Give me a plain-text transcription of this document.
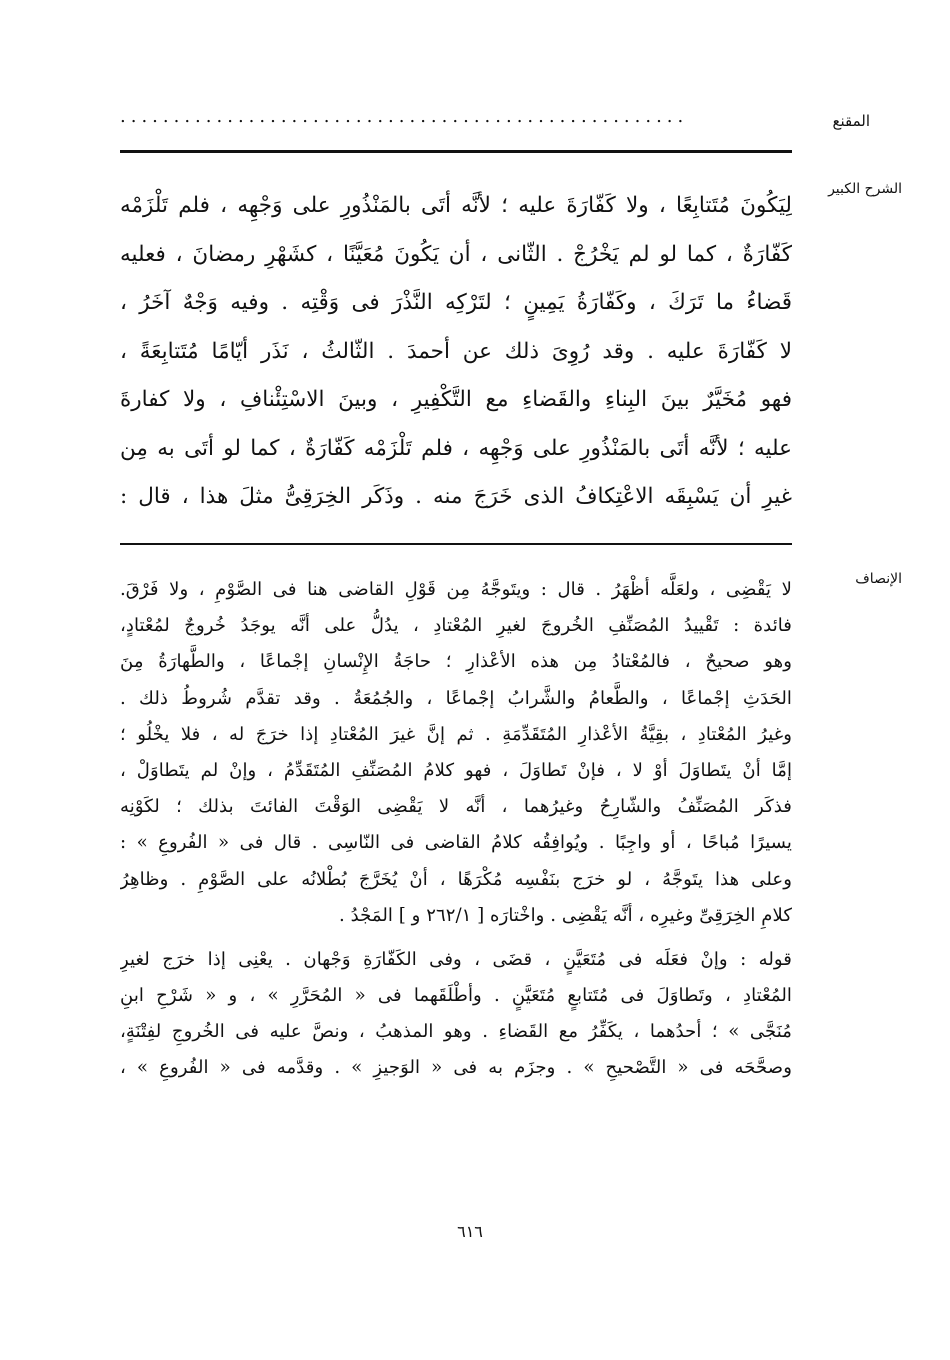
المقنع
.....................................................
الشرح الكبير
لِيَكُونَ مُتَتابِعًا ، ولا كَفّارَةَ عليه ؛ لأنَّه أتَى بالمَنْذُورِ على وَجْهِه ، فلم تَلْزَمْه
كَفّارَةٌ ، كما لو لم يَخْرُجْ . الثّانى ، أن يَكُونَ مُعَيَّنًا ، كشَهْرِ رمضانَ ، فعليه
قَضاءُ ما تَرَكَ ، وكَفّارَةُ يَمِينٍ ؛ لتَرْكِه النَّذْرَ فى وَقْتِه . وفيه وَجْهٌ آخَرُ ،
لا كَفّارَةَ عليه . وقد رُوِىَ ذلك عن أحمدَ . الثّالثُ ، نَذَر أيّامًا مُتَتابِعَةً ،
فهو مُخَيَّرٌ بينَ البِناءِ والقَضاءِ مع التَّكْفِيرِ ، وبينَ الاسْتِئْنافِ ، ولا كفارةَ
عليه ؛ لأنَّه أتَى بالمَنْذُورِ على وَجْهِه ، فلم تَلْزَمْه كَفّارَةٌ ، كما لو أتَى به مِن
غيرِ أن يَسْبِقَه الاعْتِكافُ الذى خَرَجَ منه . وذَكَر الخِرَقِىُّ مثلَ هذا ، قال :
الإنصاف
لا يَقْضِى ، ولعَلَّه أظْهَرُ . قال : ويتَوجَّهُ مِن قَوْلِ القاضى هنا فى الصَّوْمِ ، ولا فَرْقَ.
فائدة : تَقْييدُ المُصَنِّفِ الخُروجَ لغيرِ المُعْتادِ ، يدُلُّ على أنَّه يوجَدُ خُروجٌ لمُعْتادٍ،
وهو صحيحٌ ، فالمُعْتادُ مِن هذه الأعْذارِ ؛ حاجَةُ الإِنْسانِ إجْماعًا ، والطَّهارَةُ مِنَ
الحَدَثِ إجْماعًا ، والطَّعامُ والشَّرابُ إجْماعًا ، والجُمُعَةُ . وقد تقدَّم شُروطُ ذلك .
وغيرُ المُعْتادِ ، بقِيَّةُ الأعْذارِ المُتَقَدِّمَةِ . ثم إنَّ غيرَ المُعْتادِ إذا خرَجَ له ، فلا يخْلُو ؛
إمَّا أنْ يتَطاوَلَ أوْ لا ، فإنْ تَطاوَلَ ، فهو كلامُ المُصَنِّفِ المُتَقَدِّمُ ، وإنْ لم يتَطاوَلْ ،
فذكَر المُصَنِّفُ والشّارِحُ وغيرُهما ، أنَّه لا يَقْضِى الوَقْتَ الفائتَ بذلك ؛ لكَوْنِه
يسيرًا مُباحًا ، أو واجِبًا . ويُوافِقُه كلامُ القاضى فى النّاسِى . قال فى « الفُروعِ » :
وعلى هذا يتَوجَّهُ ، لو خرَج بنَفْسِه مُكْرَهًا ، أنْ يُخَرَّجَ بُطْلانُه على الصَّوْمِ . وظاهِرُ
كلامِ الخِرَقِىِّ وغيرِه ، أنَّه يَقْضِى . واخْتارَه [ ٢٦٢/١ و ] المَجْدُ .
قوله : وإنْ فعَلَه فى مُتَعَيَّنٍ ، قضَى ، وفى الكَفّارَةِ وَجْهان . يعْنِى إذا خرَج لغيرِ
المُعْتادِ ، وتَطاوَلَ فى مُتَتابعٍ مُتَعَيَّنٍ . وأطْلَقَهما فى « المُحَرَّرِ » ، و « شَرْحِ ابنِ
مُنَجَّى » ؛ أحدُهما ، يكَفِّرُ مع القَضاءِ . وهو المذهبُ ، ونصَّ عليه فى الخُروجِ لفِتْنَةٍ،
وصحَّحَه فى « التَّصْحيحِ » . وجزَم به فى « الوَجيزِ » . وقدَّمه فى « الفُروعِ » ،
٦١٦
